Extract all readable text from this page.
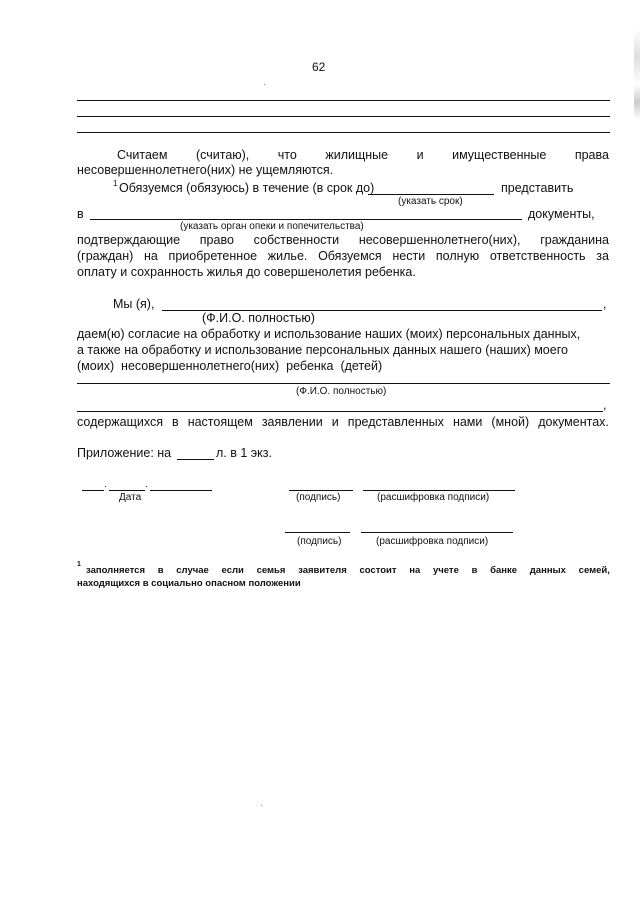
62
Считаем (считаю), что жилищные и имущественные права
несовершеннолетнего(них) не ущемляются.
1 Обязуемся (обязуюсь) в течение (в срок до)	представить
(указать срок)
в	документы,
(указать орган опеки и попечительства)
подтверждающие право собственности несовершеннолетнего(них), гражданина
(граждан) на приобретенное жилье. Обязуемся нести полную ответственность за
оплату и сохранность жилья до совершенолетия ребенка.
Мы (я),	,
(Ф.И.О. полностью)
даем(ю) согласие на обработку и использование наших (моих) персональных данных,
а также на обработку и использование персональных данных нашего (наших) моего
(моих)  несовершеннолетнего(них)  ребенка  (детей)
(Ф.И.О. полностью)
,
содержащихся в настоящем заявлении и представленных нами (мной) документах.
Приложение: на	л. в 1 экз.
.	.
Дата	(подпись)	(расшифровка подписи)
(подпись)	(расшифровка подписи)
1
заполняется в случае если семья заявителя состоит на учете в банке данных семей,
находящихся в социально опасном положении
